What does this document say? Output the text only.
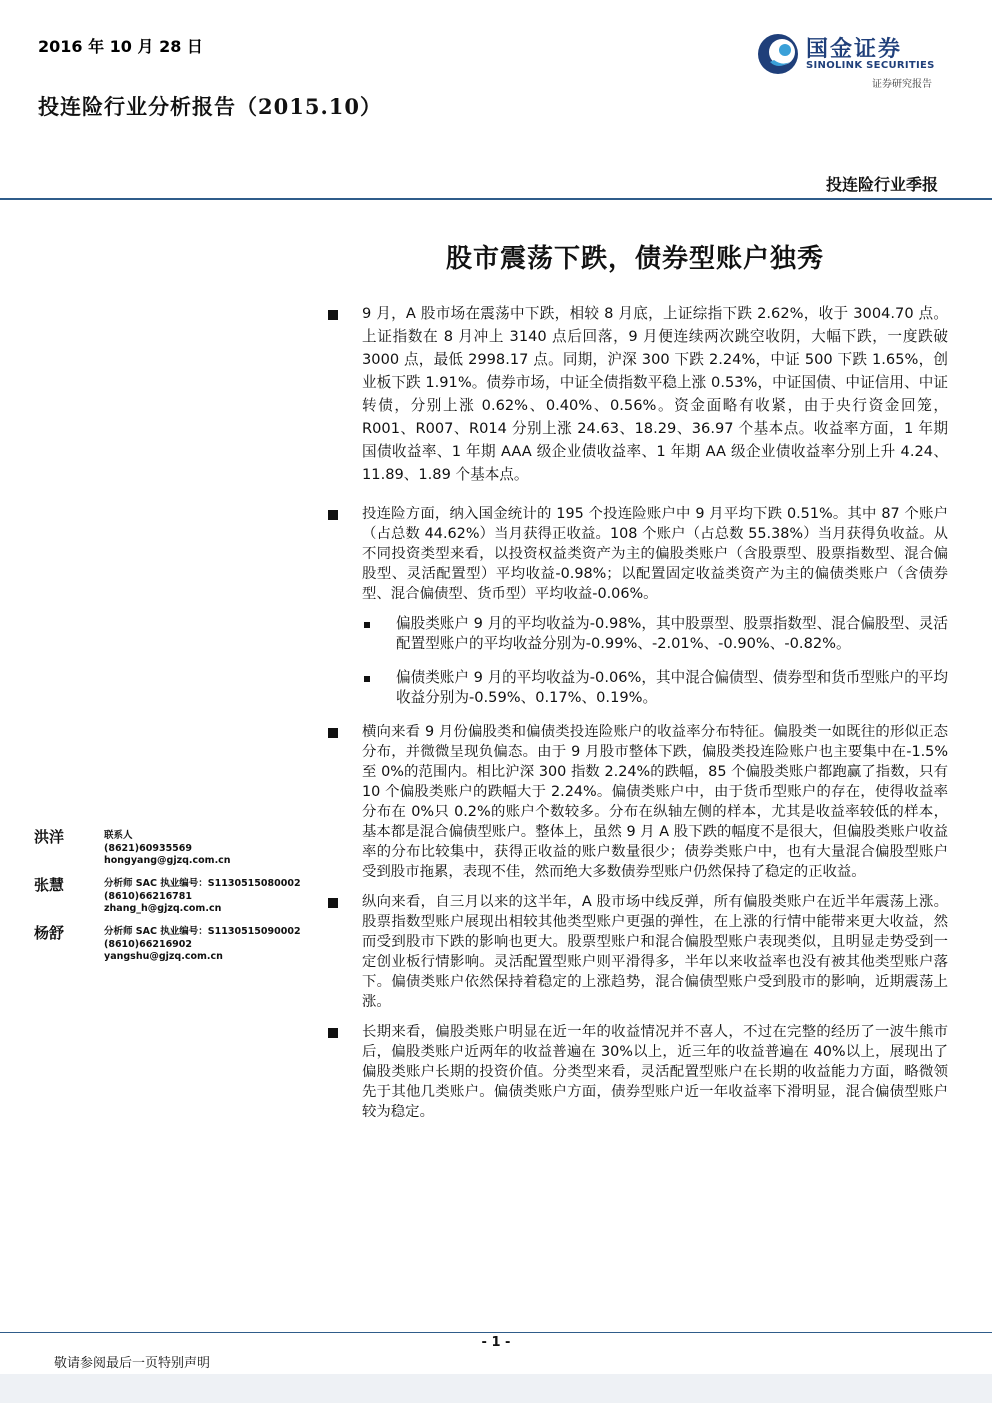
2016 年 10 月 28 日
投连险行业分析报告（2015.10）
国金证券
SINOLINK SECURITIES
证券研究报告
投连险行业季报
股市震荡下跌，债券型账户独秀
9 月，A 股市场在震荡中下跌，相较 8 月底，上证综指下跌 2.62%，收于 3004.70 点。上证指数在 8 月冲上 3140 点后回落，9 月便连续两次跳空收阴，大幅下跌，一度跌破 3000 点，最低 2998.17 点。同期，沪深 300 下跌 2.24%，中证 500 下跌 1.65%，创业板下跌 1.91%。债券市场，中证全债指数平稳上涨 0.53%，中证国债、中证信用、中证转债，分别上涨 0.62%、0.40%、0.56%。资金面略有收紧，由于央行资金回笼，R001、R007、R014 分别上涨 24.63、18.29、36.97 个基本点。收益率方面，1 年期国债收益率、1 年期 AAA 级企业债收益率、1 年期 AA 级企业债收益率分别上升 4.24、11.89、1.89 个基本点。
投连险方面，纳入国金统计的 195 个投连险账户中 9 月平均下跌 0.51%。其中 87 个账户（占总数 44.62%）当月获得正收益。108 个账户（占总数 55.38%）当月获得负收益。从不同投资类型来看，以投资权益类资产为主的偏股类账户（含股票型、股票指数型、混合偏股型、灵活配置型）平均收益-0.98%；以配置固定收益类资产为主的偏债类账户（含债券型、混合偏债型、货币型）平均收益-0.06%。
偏股类账户 9 月的平均收益为-0.98%，其中股票型、股票指数型、混合偏股型、灵活配置型账户的平均收益分别为-0.99%、-2.01%、-0.90%、-0.82%。
偏债类账户 9 月的平均收益为-0.06%，其中混合偏债型、债券型和货币型账户的平均收益分别为-0.59%、0.17%、0.19%。
横向来看 9 月份偏股类和偏债类投连险账户的收益率分布特征。偏股类一如既往的形似正态分布，并微微呈现负偏态。由于 9 月股市整体下跌，偏股类投连险账户也主要集中在-1.5%至 0%的范围内。相比沪深 300 指数 2.24%的跌幅，85 个偏股类账户都跑赢了指数，只有 10 个偏股类账户的跌幅大于 2.24%。偏债类账户中，由于货币型账户的存在，使得收益率分布在 0%只 0.2%的账户个数较多。分布在纵轴左侧的样本，尤其是收益率较低的样本，基本都是混合偏债型账户。整体上，虽然 9 月 A 股下跌的幅度不是很大，但偏股类账户收益率的分布比较集中，获得正收益的账户数量很少；债券类账户中，也有大量混合偏股型账户受到股市拖累，表现不佳，然而绝大多数债券型账户仍然保持了稳定的正收益。
纵向来看，自三月以来的这半年，A 股市场中线反弹，所有偏股类账户在近半年震荡上涨。股票指数型账户展现出相较其他类型账户更强的弹性，在上涨的行情中能带来更大收益，然而受到股市下跌的影响也更大。股票型账户和混合偏股型账户表现类似，且明显走势受到一定创业板行情影响。灵活配置型账户则平滑得多，半年以来收益率也没有被其他类型账户落下。偏债类账户依然保持着稳定的上涨趋势，混合偏债型账户受到股市的影响，近期震荡上涨。
长期来看，偏股类账户明显在近一年的收益情况并不喜人，不过在完整的经历了一波牛熊市后，偏股类账户近两年的收益普遍在 30%以上，近三年的收益普遍在 40%以上，展现出了偏股类账户长期的投资价值。分类型来看，灵活配置型账户在长期的收益能力方面，略微领先于其他几类账户。偏债类账户方面，债券型账户近一年收益率下滑明显，混合偏债型账户较为稳定。
洪洋	联系人
(8621)60935569
hongyang@gjzq.com.cn
张慧	分析师 SAC 执业编号：S1130515080002
(8610)66216781
zhang_h@gjzq.com.cn
杨舒	分析师 SAC 执业编号：S1130515090002
(8610)66216902
yangshu@gjzq.com.cn
- 1 -
敬请参阅最后一页特别声明
